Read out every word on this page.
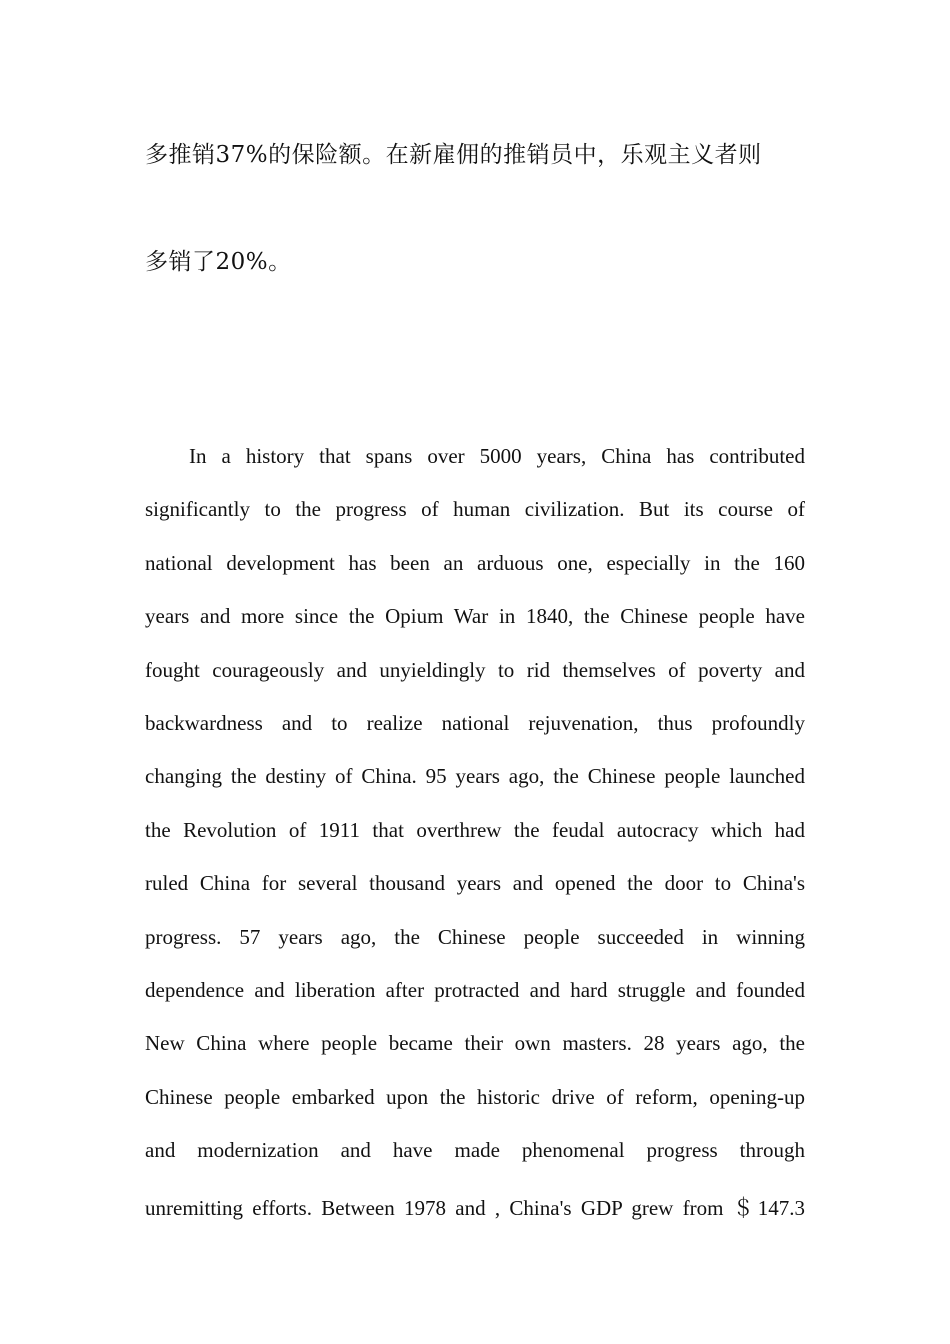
多推销37%的保险额。在新雇佣的推销员中，乐观主义者则
多销了20%。
In a history that spans over 5000 years, China has contributed
significantly to the progress of human civilization. But its course of
national development has been an arduous one, especially in the 160
years and more since the Opium War in 1840, the Chinese people have
fought courageously and unyieldingly to rid themselves of poverty and
backwardness and to realize national rejuvenation, thus profoundly
changing the destiny of China. 95 years ago, the Chinese people launched
the Revolution of 1911 that overthrew the feudal autocracy which had
ruled China for several thousand years and opened the door to China's
progress. 57 years ago, the Chinese people succeeded in winning
dependence and liberation after protracted and hard struggle and founded
New China where people became their own masters. 28 years ago, the
Chinese people embarked upon the historic drive of reform, opening-up
and modernization and have made phenomenal progress through
unremitting efforts. Between 1978 and , China's GDP grew from ＄147.3
